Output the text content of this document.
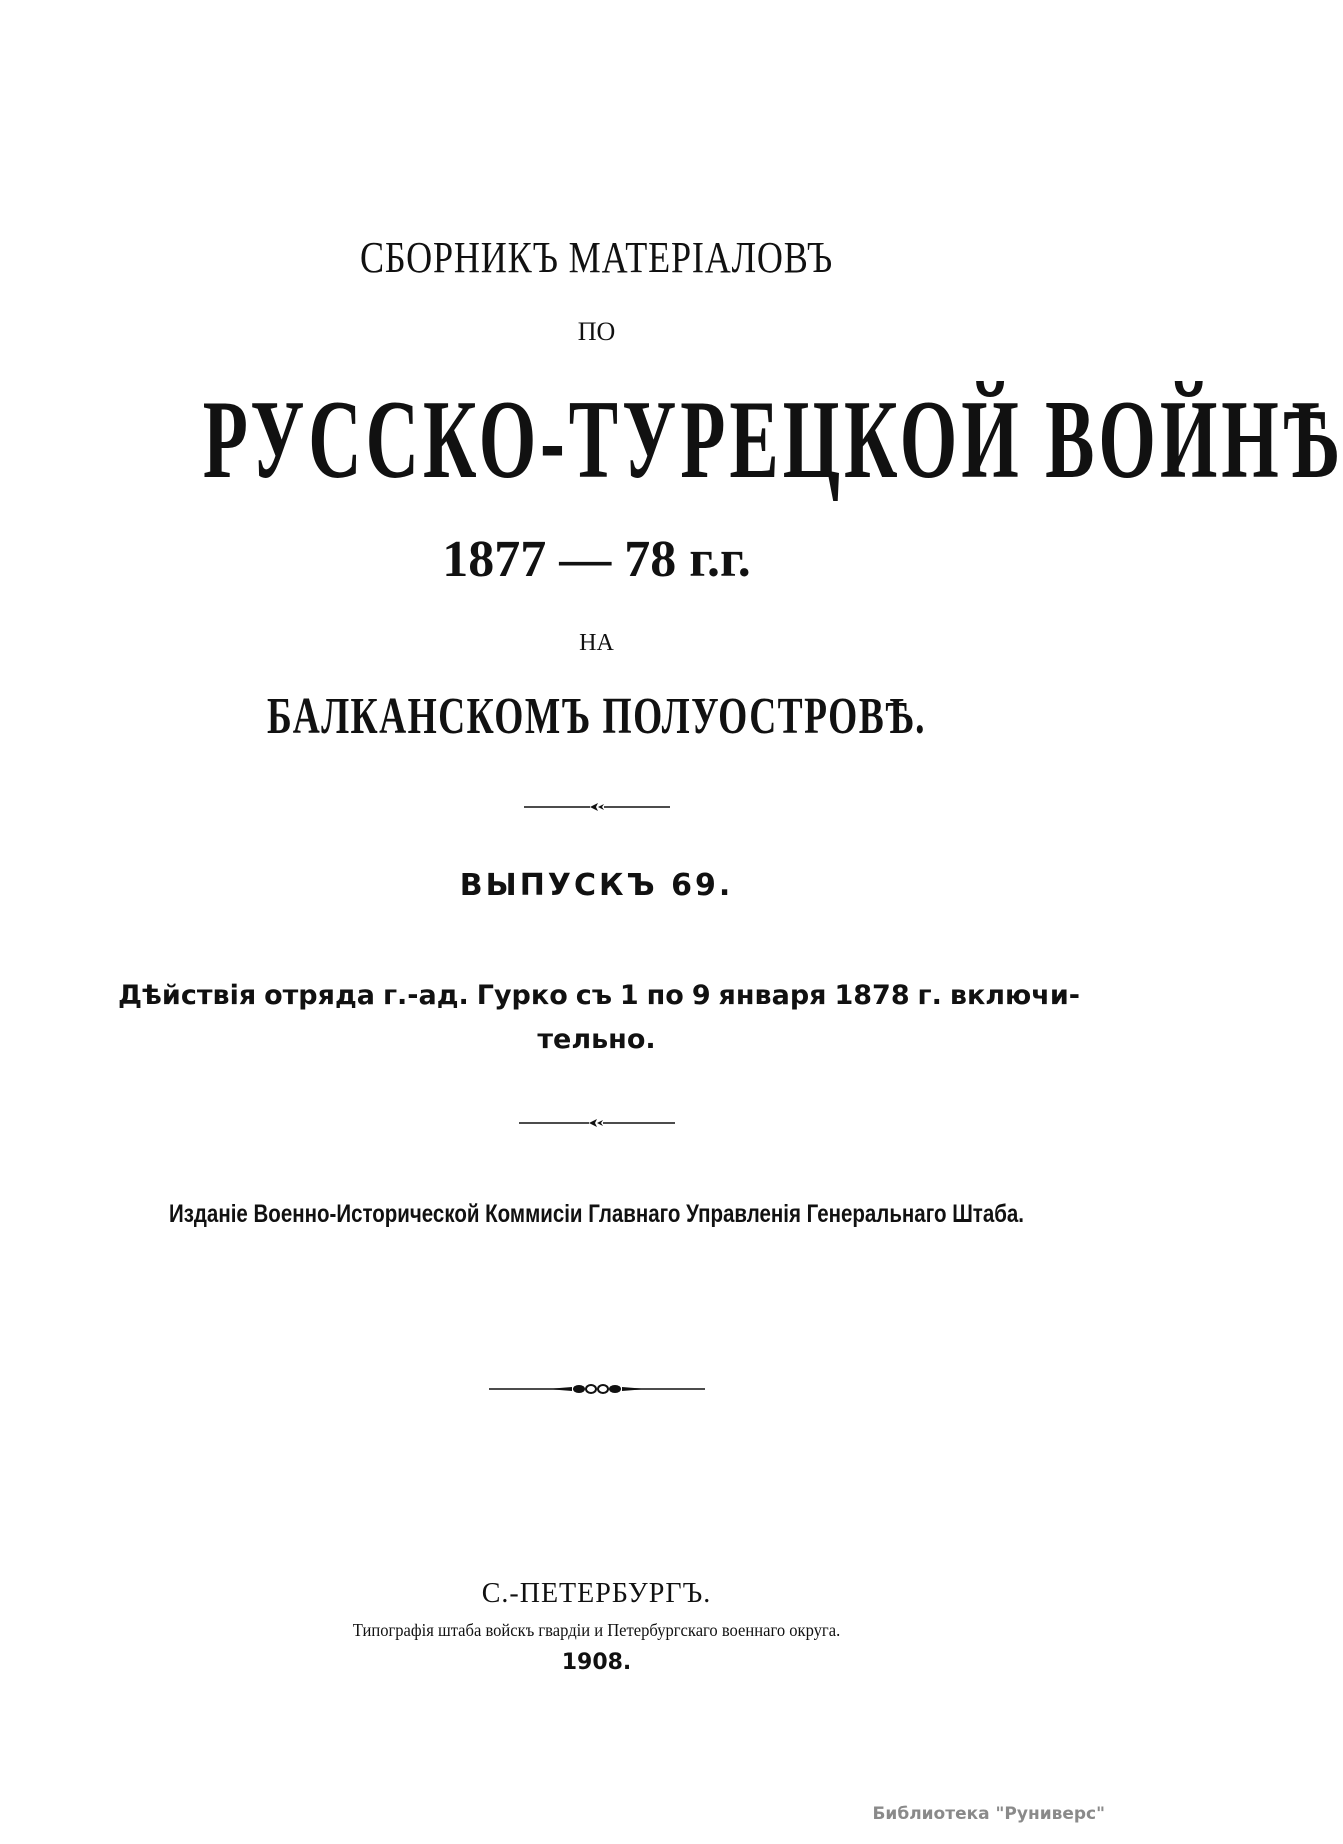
СБОРНИКЪ МАТЕРІАЛОВЪ
ПО
РУССКО-ТУРЕЦКОЙ ВОЙНѢ
1877 — 78 г.г.
НА
БАЛКАНСКОМЪ ПОЛУОСТРОВѢ.
ВЫПУСКЪ 69.
Дѣйствія отряда г.-ад. Гурко съ 1 по 9 января 1878 г. включи-
тельно.
Изданіе Военно-Исторической Коммисіи Главнаго Управленія Генеральнаго Штаба.
С.-ПЕТЕРБУРГЪ.
Типографія штаба войскъ гвардіи и Петербургскаго военнаго округа.
1908.
Библиотека "Руниверс"
